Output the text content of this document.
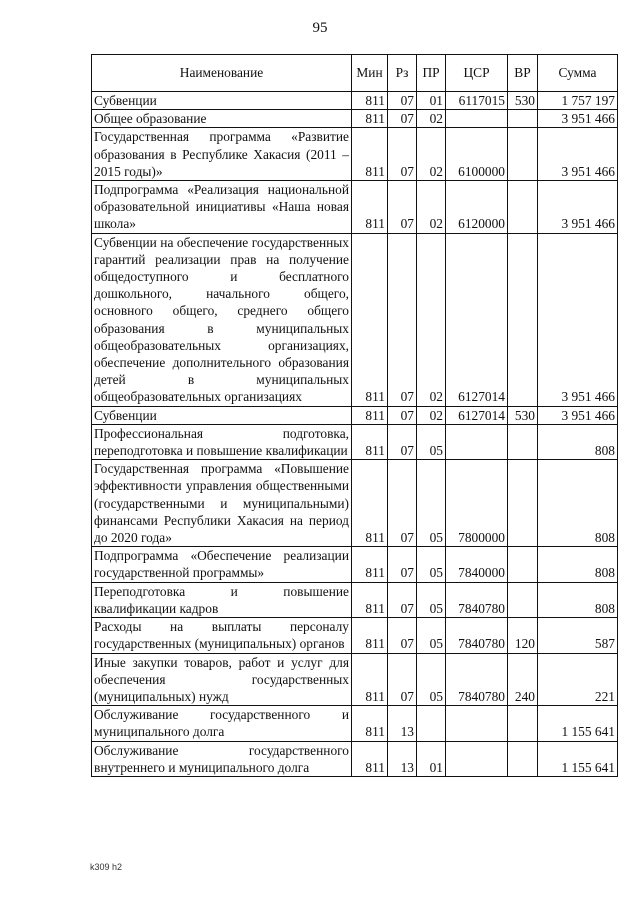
95
Наименование	Мин	Рз	ПР	ЦСР	ВР	Сумма
Субвенции	811	07	01	6117015	530	1 757 197
Общее образование	811	07	02			3 951 466
Государственная программа «Развитие образования в Республике Хакасия (2011 – 2015 годы)»	811	07	02	6100000		3 951 466
Подпрограмма «Реализация национальной образовательной инициативы «Наша новая школа»	811	07	02	6120000		3 951 466
Субвенции на обеспечение государственных гарантий реализации прав на получение общедоступного и бесплатного дошкольного, начального общего, основного общего, среднего общего образования в муниципальных общеобразовательных организациях, обеспечение дополнительного образования детей в муниципальных общеобразовательных организациях	811	07	02	6127014		3 951 466
Субвенции	811	07	02	6127014	530	3 951 466
Профессиональная подготовка, переподготовка и повышение квалификации	811	07	05			808
Государственная программа «Повышение эффективности управления общественными (государственными и муниципальными) финансами Республики Хакасия на период до 2020 года»	811	07	05	7800000		808
Подпрограмма «Обеспечение реализации государственной программы»	811	07	05	7840000		808
Переподготовка и повышение квалификации кадров	811	07	05	7840780		808
Расходы на выплаты персоналу государственных (муниципальных) органов	811	07	05	7840780	120	587
Иные закупки товаров, работ и услуг для обеспечения государственных (муниципальных) нужд	811	07	05	7840780	240	221
Обслуживание государственного и муниципального долга	811	13				1 155 641
Обслуживание государственного внутреннего и муниципального долга	811	13	01			1 155 641
k309 h2
